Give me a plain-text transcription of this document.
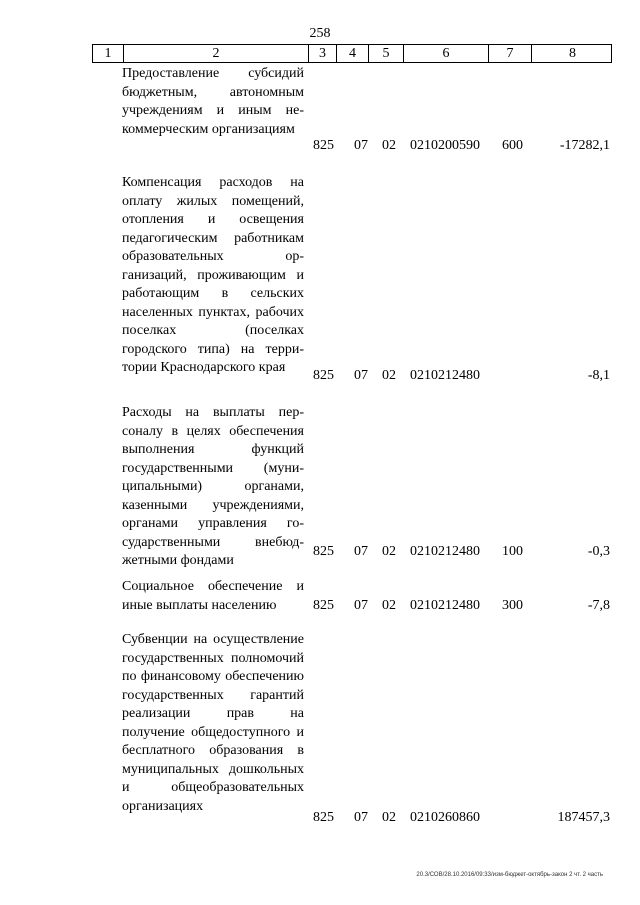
258
1	2	3	4	5	6	7	8

Предоставление субсидий бюджетным, автономным учреждениям и иным некоммерческим организациям

825 07 02 0210200590 600	-17282,1

Компенсация расходов на оплату жилых помещений, отопления и освещения педагогическим работникам образовательных организаций, проживающим и работающим в сельских населенных пунктах, рабочих поселках (поселках городского типа) на территории Краснодарского края

825 07 02 0210212480	-8,1

Расходы на выплаты персоналу в целях обеспечения выполнения функций государственными (муниципальными) органами, казенными учреждениями, органами управления государственными внебюджетными фондами

825 07 02 0210212480 100	-0,3

Социальное обеспечение и иные выплаты населению	825 07 02 0210212480 300	-7,8

Субвенции на осуществление государственных полномочий по финансовому обеспечению государственных гарантий реализации прав на получение общедоступного и бесплатного образования в муниципальных дошкольных и общеобразовательных организациях

825 07 02 0210260860	187457,3
20.3/СОВ/28.10.2016/09:33/изм-бюджет-октябрь-закон 2 чт. 2 часть
